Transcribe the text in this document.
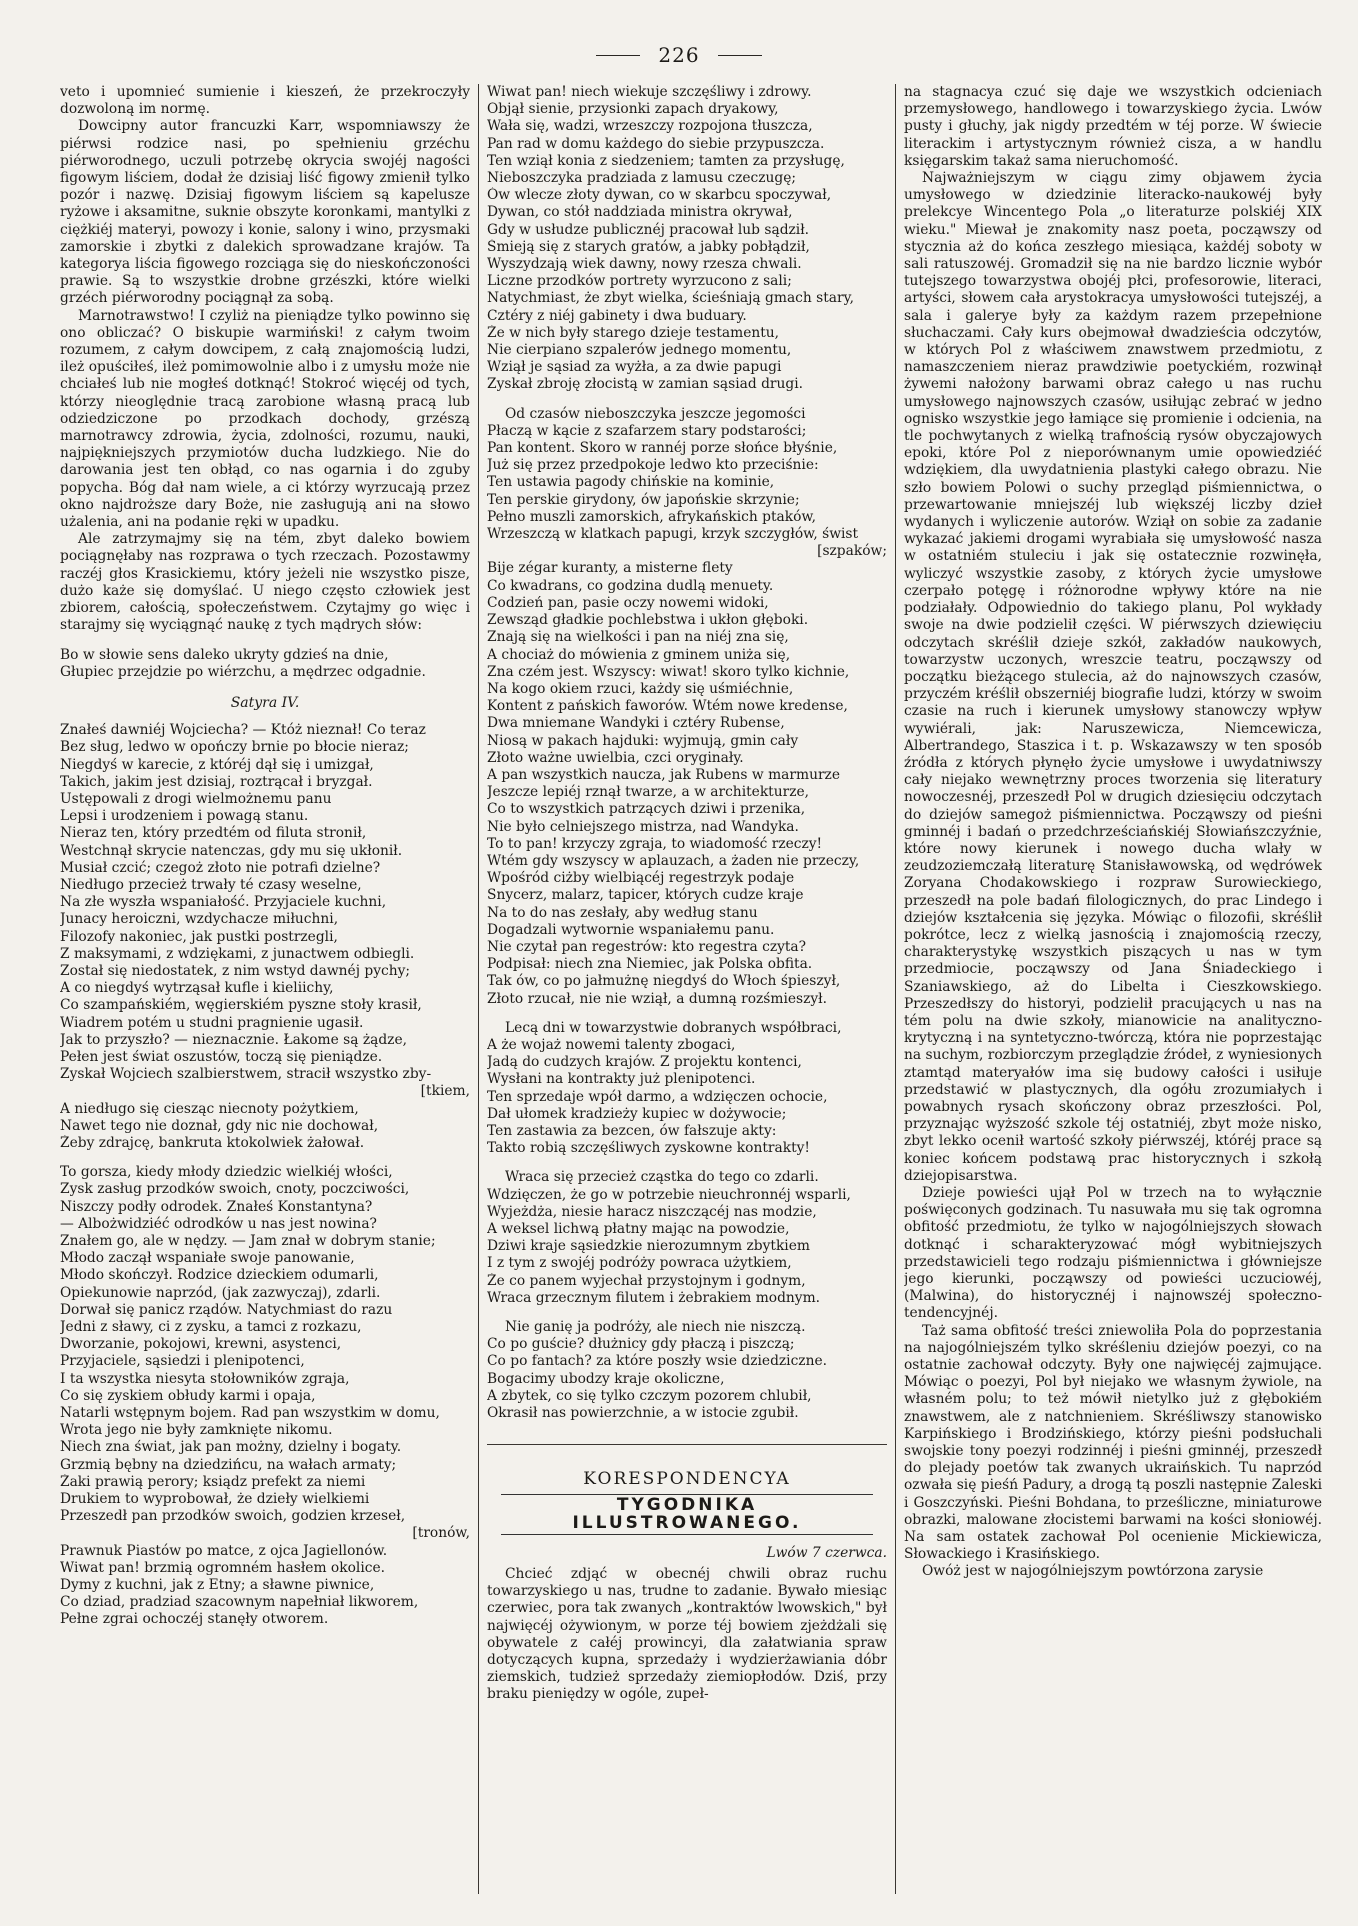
226

veto i upomnieć sumienie i kieszeń, że przekroczyły dozwoloną im normę.

Dowcipny autor francuzki Karr, wspomniawszy że piérwsi rodzice nasi, po spełnieniu grzéchu piérworodnego, uczuli potrzebę okrycia swojéj nagości figowym liściem, dodał że dzisiaj liść figowy zmienił tylko pozór i nazwę. Dzisiaj figowym liściem są kapelusze ryżowe i aksamitne, suknie obszyte koronkami, mantylki z ciężkiéj materyi, powozy i konie, salony i wino, przysmaki zamorskie i zbytki z dalekich sprowadzane krajów. Ta kategorya liścia figowego rozciąga się do nieskończoności prawie. Są to wszystkie drobne grzészki, które wielki grzéch piérworodny pociągnął za sobą.

Marnotrawstwo! I czyliż na pieniądze tylko powinno się ono obliczać? O biskupie warmiński! z całym twoim rozumem, z całym dowcipem, z całą znajomością ludzi, ileż opuściłeś, ileż pomimowolnie albo i z umysłu może nie chciałeś lub nie mogłeś dotknąć! Stokroć więcéj od tych, którzy nieoględnie tracą zarobione własną pracą lub odziedziczone po przodkach dochody, grzészą marnotrawcy zdrowia, życia, zdolności, rozumu, nauki, najpiękniejszych przymiotów ducha ludzkiego. Nie do darowania jest ten obłąd, co nas ogarnia i do zguby popycha. Bóg dał nam wiele, a ci którzy wyrzucają przez okno najdroższe dary Boże, nie zasługują ani na słowo użalenia, ani na podanie ręki w upadku.

Ale zatrzymajmy się na tém, zbyt daleko bowiem pociągnęłaby nas rozprawa o tych rzeczach. Pozostawmy raczéj głos Krasickiemu, który jeżeli nie wszystko pisze, dużo każe się domyślać. U niego często człowiek jest zbiorem, całością, społeczeństwem. Czytajmy go więc i starajmy się wyciągnąć naukę z tych mądrych słów:

Bo w słowie sens daleko ukryty gdzieś na dnie,
Głupiec przejdzie po wiérzchu, a mędrzec odgadnie.
Satyra IV.
Znałeś dawniéj Wojciecha? — Któż nieznał! Co teraz
Bez sług, ledwo w opończy brnie po błocie nieraz;
Niegdyś w karecie, z któréj dął się i umizgał,
Takich, jakim jest dzisiaj, roztrącał i bryzgał.
Ustępowali z drogi wielmożnemu panu
Lepsi i urodzeniem i powagą stanu.
Nieraz ten, który przedtém od filuta stronił,
Westchnął skrycie natenczas, gdy mu się ukłonił.
Musiał czcić; czegoż złoto nie potrafi dzielne?
Niedługo przecież trwały té czasy weselne,
Na złe wyszła wspaniałość. Przyjaciele kuchni,
Junacy heroiczni, wzdychacze miłuchni,
Filozofy nakoniec, jak pustki postrzegli,
Z maksymami, z wdziękami, z junactwem odbiegli.
Został się niedostatek, z nim wstyd dawnéj pychy;
A co niegdyś wytrząsał kufle i kieliichy,
Co szampańskiém, węgierskiém pyszne stoły krasił,
Wiadrem potém u studni pragnienie ugasił.
Jak to przyszło? — nieznacznie. Łakome są żądze,
Pełen jest świat oszustów, toczą się pieniądze.
Zyskał Wojciech szalbierstwem, stracił wszystko zby-
[tkiem,
A niedługo się ciesząc niecnoty pożytkiem,
Nawet tego nie doznał, gdy nic nie dochował,
Żeby zdrajcę, bankruta ktokolwiek żałował.
To gorsza, kiedy młody dziedzic wielkiéj włości,
Zysk zasług przodków swoich, cnoty, poczciwości,
Niszczy podły odrodek. Znałeś Konstantyna?
— Albożwidziéć odrodków u nas jest nowina?
Znałem go, ale w nędzy. — Jam znał w dobrym stanie;
Młodo zaczął wspaniałe swoje panowanie,
Młodo skończył. Rodzice dzieckiem odumarli,
Opiekunowie naprzód, (jak zazwyczaj), zdarli.
Dorwał się panicz rządów. Natychmiast do razu
Jedni z sławy, ci z zysku, a tamci z rozkazu,
Dworzanie, pokojowi, krewni, asystenci,
Przyjaciele, sąsiedzi i plenipotenci,
I ta wszystka niesyta stołowników zgraja,
Co się zyskiem obłudy karmi i opaja,
Natarli wstępnym bojem. Rad pan wszystkim w domu,
Wrota jego nie były zamknięte nikomu.
Niech zna świat, jak pan możny, dzielny i bogaty.
Grzmią bębny na dziedzińcu, na wałach armaty;
Żaki prawią perory; ksiądz prefekt za niemi
Drukiem to wyprobował, że dzieły wielkiemi
Przeszedł pan przodków swoich, godzien krzeseł,
[tronów,
Prawnuk Piastów po matce, z ojca Jagiellonów.
Wiwat pan! brzmią ogromném hasłem okolice.
Dymy z kuchni, jak z Etny; a sławne piwnice,
Co dziad, pradziad szacownym napełniał likworem,
Pełne zgrai ochoczéj stanęły otworem.
Wiwat pan! niech wiekuje szczęśliwy i zdrowy.
Objął sienie, przysionki zapach dryakowy,
Wała się, wadzi, wrzeszczy rozpojona tłuszcza,
Pan rad w domu każdego do siebie przypuszcza.
Ten wziął konia z siedzeniem; tamten za przysługę,
Nieboszczyka pradziada z lamusu czeczugę;
Ów wlecze złoty dywan, co w skarbcu spoczywał,
Dywan, co stół naddziada ministra okrywał,
Gdy w usłudze publicznéj pracował lub sądził.
Śmieją się z starych gratów, a jabky pobłądził,
Wyszydzają wiek dawny, nowy rzesza chwali.
Liczne przodków portrety wyrzucono z sali;
Natychmiast, że zbyt wielka, ścieśniają gmach stary,
Cztéry z niéj gabinety i dwa buduary.
Że w nich były starego dzieje testamentu,
Nie cierpiano szpalerów jednego momentu,
Wziął je sąsiad za wyżła, a za dwie papugi
Zyskał zbroję złocistą w zamian sąsiad drugi.
Od czasów nieboszczyka jeszcze jegomości
Płaczą w kącie z szafarzem stary podstarości;
Pan kontent. Skoro w rannéj porze słońce błyśnie,
Już się przez przedpokoje ledwo kto przeciśnie:
Ten ustawia pagody chińskie na kominie,
Ten perskie girydony, ów japońskie skrzynie;
Pełno muszli zamorskich, afrykańskich ptaków,
Wrzeszczą w klatkach papugi, krzyk szczygłów, świst
[szpaków;
Bije zégar kuranty, a misterne flety
Co kwadrans, co godzina dudlą menuety.
Codzień pan, pasie oczy nowemi widoki,
Zewsząd gładkie pochlebstwa i ukłon głęboki.
Znają się na wielkości i pan na niéj zna się,
A chociaż do mówienia z gminem uniża się,
Zna czém jest. Wszyscy: wiwat! skoro tylko kichnie,
Na kogo okiem rzuci, każdy się uśmiéchnie,
Kontent z pańskich faworów. Wtém nowe kredense,
Dwa mniemane Wandyki i cztéry Rubense,
Niosą w pakach hajduki: wyjmują, gmin cały
Złoto ważne uwielbia, czci oryginały.
A pan wszystkich naucza, jak Rubens w marmurze
Jeszcze lepiéj rznął twarze, a w architekturze,
Co to wszystkich patrzących dziwi i przenika,
Nie było celniejszego mistrza, nad Wandyka.
To to pan! krzyczy zgraja, to wiadomość rzeczy!
Wtém gdy wszyscy w aplauzach, a żaden nie przeczy,
Wpośród ciżby wielbiącéj regestrzyk podaje
Snycerz, malarz, tapicer, których cudze kraje
Na to do nas zesłały, aby według stanu
Dogadzali wytwornie wspaniałemu panu.
Nie czytał pan regestrów: kto regestra czyta?
Podpisał: niech zna Niemiec, jak Polska obfita.
Tak ów, co po jałmużnę niegdyś do Włoch śpieszył,
Złoto rzucał, nie nie wziął, a dumną rozśmieszył.
Lecą dni w towarzystwie dobranych współbraci,
A że wojaż nowemi talenty zbogaci,
Jadą do cudzych krajów. Z projektu kontenci,
Wysłani na kontrakty już plenipotenci.
Ten sprzedaje wpół darmo, a wdzięczen ochocie,
Dał ułomek kradzieży kupiec w dożywocie;
Ten zastawia za bezcen, ów fałszuje akty:
Takto robią szczęśliwych zyskowne kontrakty!
Wraca się przecież cząstka do tego co zdarli.
Wdzięczen, że go w potrzebie nieuchronnéj wsparli,
Wyjeżdża, niesie haracz niszczącéj nas modzie,
A weksel lichwą płatny mając na powodzie,
Dziwi kraje sąsiedzkie nierozumnym zbytkiem
I z tym z swojéj podróży powraca użytkiem,
Że co panem wyjechał przystojnym i godnym,
Wraca grzecznym filutem i żebrakiem modnym.
Nie ganię ja podróży, ale niech nie niszczą.
Co po guście? dłużnicy gdy płaczą i piszczą;
Co po fantach? za które poszły wsie dziedziczne.
Bogacimy ubodzy kraje okoliczne,
A zbytek, co się tylko czczym pozorem chlubił,
Okrasił nas powierzchnie, a w istocie zgubił.
KORESPONDENCYA
TYGODNIKA ILLUSTROWANEGO.
Lwów 7 czerwca.

Chcieć zdjąć w obecnéj chwili obraz ruchu towarzyskiego u nas, trudne to zadanie. Bywało miesiąc czerwiec, pora tak zwanych „kontraktów lwowskich," był najwięcéj ożywionym, w porze téj bowiem zjeżdżali się obywatele z całéj prowincyi, dla załatwiania spraw dotyczących kupna, sprzedaży i wydzierżawiania dóbr ziemskich, tudzież sprzedaży ziemiopłodów. Dziś, przy braku pieniędzy w ogóle, zupeł-

na stagnacya czuć się daje we wszystkich odcieniach przemysłowego, handlowego i towarzyskiego życia. Lwów pusty i głuchy, jak nigdy przedtém w téj porze. W świecie literackim i artystycznym również cisza, a w handlu księgarskim takaż sama nieruchomość.

Najważniejszym w ciągu zimy objawem życia umysłowego w dziedzinie literacko-naukowéj były prelekcye Wincentego Pola „o literaturze polskiéj XIX wieku." Miewał je znakomity nasz poeta, począwszy od stycznia aż do końca zeszłego miesiąca, każdéj soboty w sali ratuszowéj. Gromadził się na nie bardzo licznie wybór tutejszego towarzystwa obojéj płci, profesorowie, literaci, artyści, słowem cała arystokracya umysłowości tutejszéj, a sala i galerye były za każdym razem przepełnione słuchaczami. Cały kurs obejmował dwadzieścia odczytów, w których Pol z właściwem znawstwem przedmiotu, z namaszczeniem nieraz prawdziwie poetyckiém, rozwinął żywemi nałożony barwami obraz całego u nas ruchu umysłowego najnowszych czasów, usiłując zebrać w jedno ognisko wszystkie jego łamiące się promienie i odcienia, na tle pochwytanych z wielką trafnością rysów obyczajowych epoki, które Pol z nieporównanym umie opowiedziéć wdziękiem, dla uwydatnienia plastyki całego obrazu. Nie szło bowiem Polowi o suchy przegląd piśmiennictwa, o przewartowanie mniejszéj lub większéj liczby dzieł wydanych i wyliczenie autorów. Wziął on sobie za zadanie wykazać jakiemi drogami wyrabiała się umysłowość nasza w ostatniém stuleciu i jak się ostatecznie rozwinęła, wyliczyć wszystkie zasoby, z których życie umysłowe czerpało potęgę i różnorodne wpływy które na nie podziałały. Odpowiednio do takiego planu, Pol wykłady swoje na dwie podzielił części. W piérwszych dziewięciu odczytach skréślił dzieje szkół, zakładów naukowych, towarzystw uczonych, wreszcie teatru, począwszy od początku bieżącego stulecia, aż do najnowszych czasów, przyczém kréślił obszerniéj biografie ludzi, którzy w swoim czasie na ruch i kierunek umysłowy stanowczy wpływ wywiérali, jak: Naruszewicza, Niemcewicza, Albertrandego, Staszica i t. p. Wskazawszy w ten sposób źródła z których płynęło życie umysłowe i uwydatniwszy cały niejako wewnętrzny proces tworzenia się literatury nowoczesnéj, przeszedł Pol w drugich dziesięciu odczytach do dziejów samegoż piśmiennictwa. Począwszy od pieśni gminnéj i badań o przedchrześciańskiéj Słowiańszczyźnie, które nowy kierunek i nowego ducha wlały w zeudzoziemczałą literaturę Stanisławowską, od wędrówek Zoryana Chodakowskiego i rozpraw Surowieckiego, przeszedł na pole badań filologicznych, do prac Lindego i dziejów kształcenia się języka. Mówiąc o filozofii, skréślił pokrótce, lecz z wielką jasnością i znajomością rzeczy, charakterystykę wszystkich piszących u nas w tym przedmiocie, począwszy od Jana Śniadeckiego i Szaniawskiego, aż do Libelta i Cieszkowskiego. Przeszedłszy do historyi, podzielił pracujących u nas na tém polu na dwie szkoły, mianowicie na analityczno-krytyczną i na syntetyczno-twórczą, która nie poprzestając na suchym, rozbiorczym przeglądzie źródeł, z wyniesionych ztamtąd materyałów ima się budowy całości i usiłuje przedstawić w plastycznych, dla ogółu zrozumiałych i powabnych rysach skończony obraz przeszłości. Pol, przyznając wyższość szkole téj ostatniéj, zbyt może nisko, zbyt lekko ocenił wartość szkoły piérwszéj, któréj prace są koniec końcem podstawą prac historycznych i szkołą dziejopisarstwa.

Dzieje powieści ujął Pol w trzech na to wyłącznie poświęconych godzinach. Tu nasuwała mu się tak ogromna obfitość przedmiotu, że tylko w najogólniejszych słowach dotknąć i scharakteryzować mógł wybitniejszych przedstawicieli tego rodzaju piśmiennictwa i główniejsze jego kierunki, począwszy od powieści uczuciowéj, (Malwina), do historycznéj i najnowszéj społeczno-tendencyjnéj.

Taż sama obfitość treści zniewoliła Pola do poprzestania na najogólniejszém tylko skréśleniu dziejów poezyi, co na ostatnie zachował odczyty. Były one najwięcéj zajmujące. Mówiąc o poezyi, Pol był niejako we własnym żywiole, na własném polu; to też mówił nietylko już z głębokiém znawstwem, ale z natchnieniem. Skréśliwszy stanowisko Karpińskiego i Brodzińskiego, którzy pieśni podsłuchali swojskie tony poezyi rodzinnéj i pieśni gminnéj, przeszedł do plejady poetów tak zwanych ukraińskich. Tu naprzód ozwała się pieśń Padury, a drogą tą poszli następnie Zaleski i Goszczyński. Pieśni Bohdana, to prześliczne, miniaturowe obrazki, malowane złocistemi barwami na kości słoniowéj. Na sam ostatek zachował Pol ocenienie Mickiewicza, Słowackiego i Krasińskiego.

Owóż jest w najogólniejszym powtórzona zarysie
